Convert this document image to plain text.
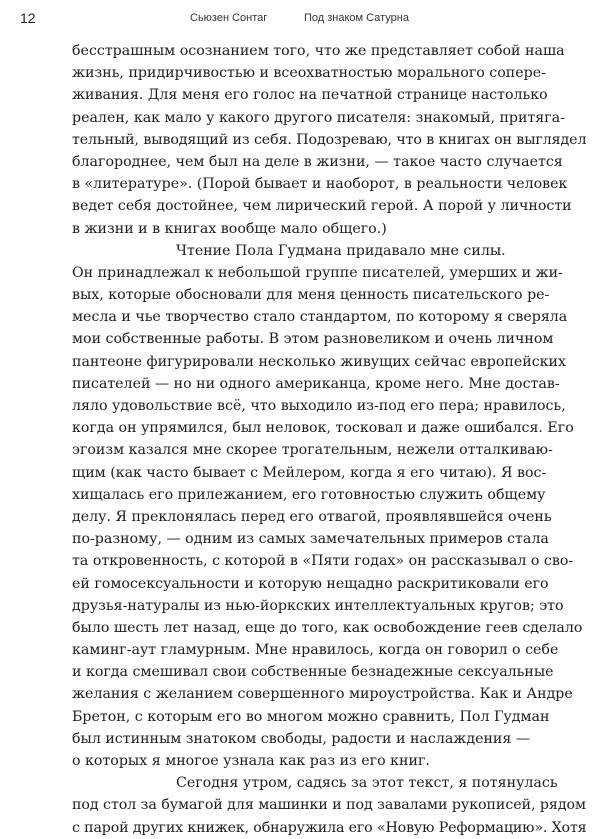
12	Сьюзен Сонтаг	Под знаком Сатурна
бесстрашным осознанием того, что же представляет собой наша
жизнь, придирчивостью и всеохватностью морального сопере-
живания. Для меня его голос на печатной странице настолько
реален, как мало у какого другого писателя: знакомый, притяга-
тельный, выводящий из себя. Подозреваю, что в книгах он выглядел
благороднее, чем был на деле в жизни, — такое часто случается
в «литературе». (Порой бывает и наоборот, в реальности человек
ведет себя достойнее, чем лирический герой. А порой у личности
в жизни и в книгах вообще мало общего.)
Чтение Пола Гудмана придавало мне силы.
Он принадлежал к небольшой группе писателей, умерших и жи-
вых, которые обосновали для меня ценность писательского ре-
месла и чье творчество стало стандартом, по которому я сверяла
мои собственные работы. В этом разновеликом и очень личном
пантеоне фигурировали несколько живущих сейчас европейских
писателей — но ни одного американца, кроме него. Мне достав-
ляло удовольствие всё, что выходило из-под его пера; нравилось,
когда он упрямился, был неловок, тосковал и даже ошибался. Его
эгоизм казался мне скорее трогательным, нежели отталкиваю-
щим (как часто бывает с Мейлером, когда я его читаю). Я вос-
хищалась его прилежанием, его готовностью служить общему
делу. Я преклонялась перед его отвагой, проявлявшейся очень
по-разному, — одним из самых замечательных примеров стала
та откровенность, с которой в «Пяти годах» он рассказывал о сво-
ей гомосексуальности и которую нещадно раскритиковали его
друзья-натуралы из нью-йоркских интеллектуальных кругов; это
было шесть лет назад, еще до того, как освобождение геев сделало
каминг-аут гламурным. Мне нравилось, когда он говорил о себе
и когда смешивал свои собственные безнадежные сексуальные
желания с желанием совершенного мироустройства. Как и Андре
Бретон, с которым его во многом можно сравнить, Пол Гудман
был истинным знатоком свободы, радости и наслаждения —
о которых я многое узнала как раз из его книг.
Сегодня утром, садясь за этот текст, я потянулась
под стол за бумагой для машинки и под завалами рукописей, рядом
с парой других книжек, обнаружила его «Новую Реформацию». Хотя
